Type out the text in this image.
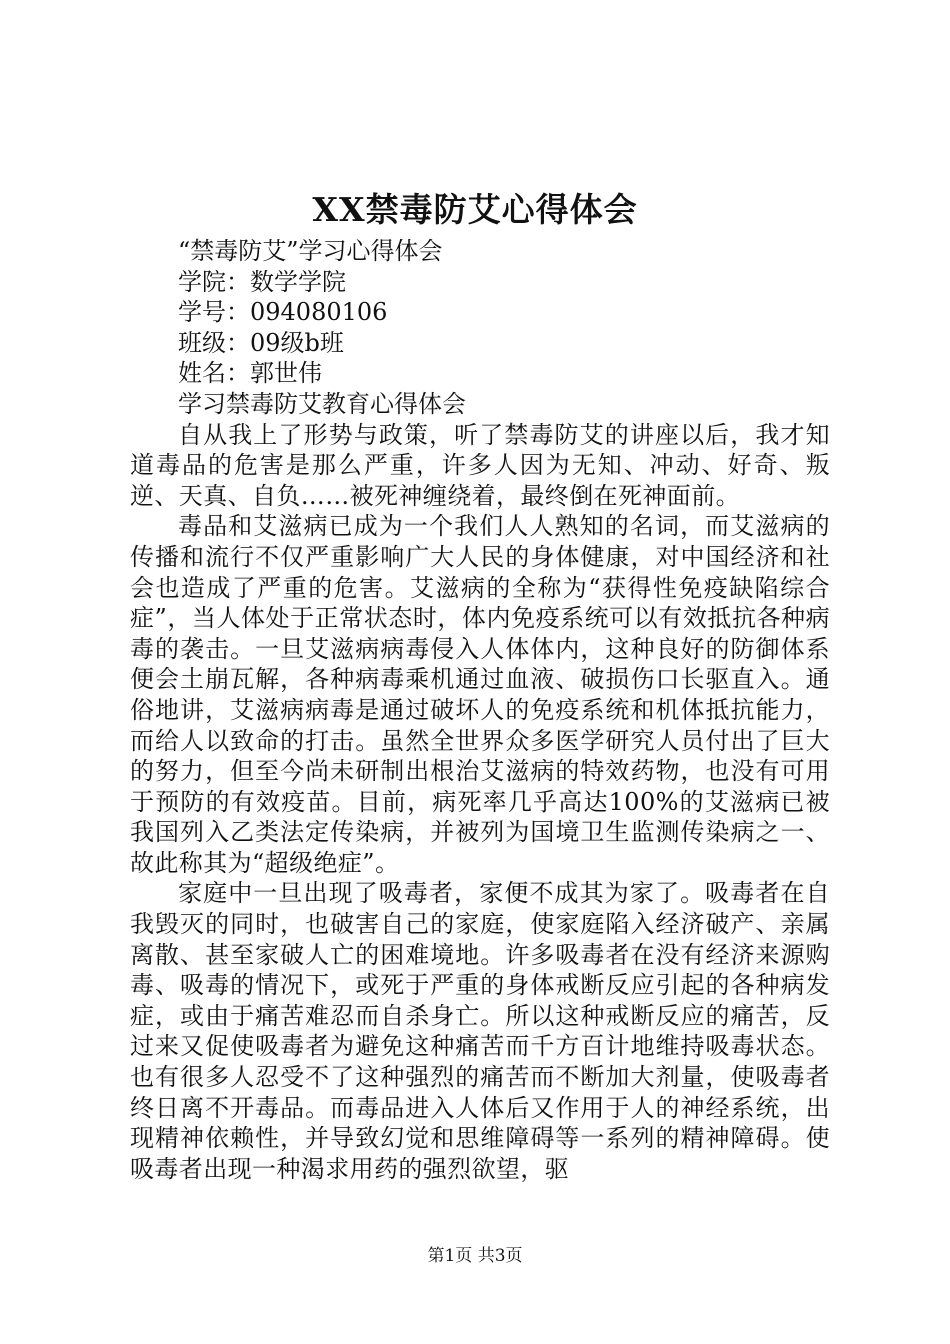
XX禁毒防艾心得体会

“禁毒防艾”学习心得体会

学院：数学学院

学号：094080106

班级：09级b班

姓名：郭世伟

学习禁毒防艾教育心得体会

自从我上了形势与政策，听了禁毒防艾的讲座以后，我才知道毒品的危害是那么严重，许多人因为无知、冲动、好奇、叛逆、天真、自负……被死神缠绕着，最终倒在死神面前。

毒品和艾滋病已成为一个我们人人熟知的名词，而艾滋病的传播和流行不仅严重影响广大人民的身体健康，对中国经济和社会也造成了严重的危害。艾滋病的全称为“获得性免疫缺陷综合症”，当人体处于正常状态时，体内免疫系统可以有效抵抗各种病毒的袭击。一旦艾滋病病毒侵入人体体内，这种良好的防御体系便会土崩瓦解，各种病毒乘机通过血液、破损伤口长驱直入。通俗地讲，艾滋病病毒是通过破坏人的免疫系统和机体抵抗能力，而给人以致命的打击。虽然全世界众多医学研究人员付出了巨大的努力，但至今尚未研制出根治艾滋病的特效药物，也没有可用于预防的有效疫苗。目前，病死率几乎高达100%的艾滋病已被我国列入乙类法定传染病，并被列为国境卫生监测传染病之一、故此称其为“超级绝症”。

家庭中一旦出现了吸毒者，家便不成其为家了。吸毒者在自我毁灭的同时，也破害自己的家庭，使家庭陷入经济破产、亲属离散、甚至家破人亡的困难境地。许多吸毒者在没有经济来源购毒、吸毒的情况下，或死于严重的身体戒断反应引起的各种病发症，或由于痛苦难忍而自杀身亡。所以这种戒断反应的痛苦，反过来又促使吸毒者为避免这种痛苦而千方百计地维持吸毒状态。也有很多人忍受不了这种强烈的痛苦而不断加大剂量，使吸毒者终日离不开毒品。而毒品进入人体后又作用于人的神经系统，出现精神依赖性，并导致幻觉和思维障碍等一系列的精神障碍。使吸毒者出现一种渴求用药的强烈欲望，驱

第1页 共3页
